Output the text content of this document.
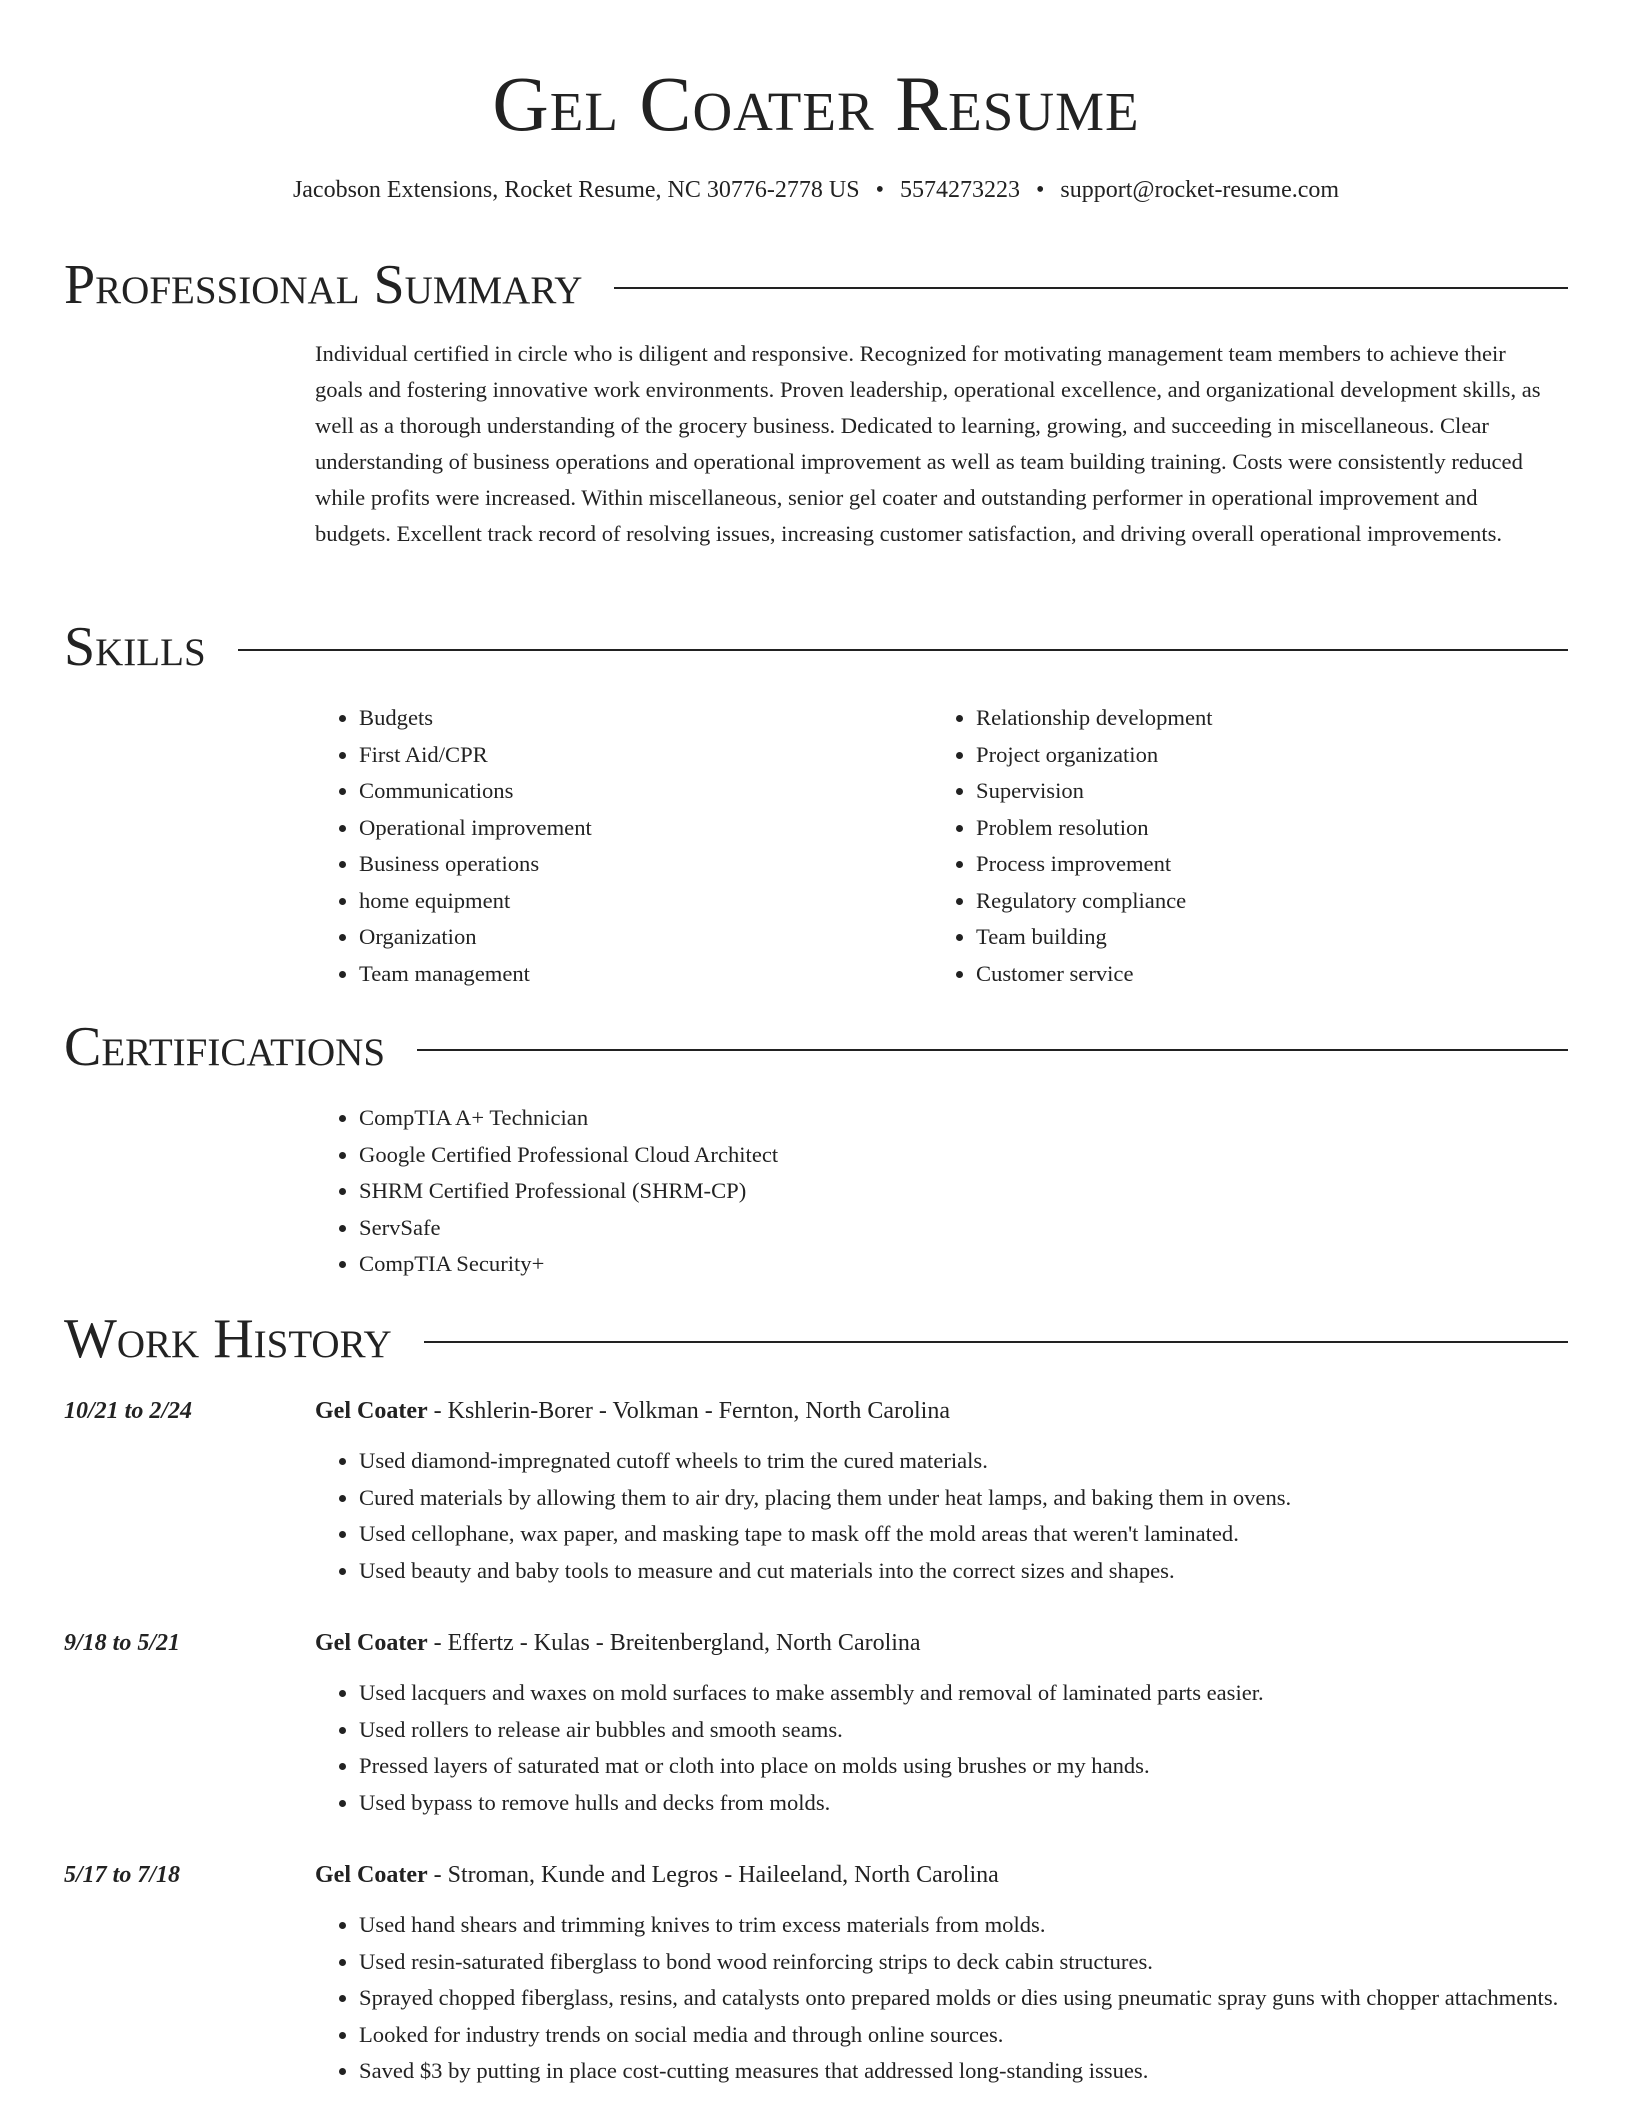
Gel Coater Resume
Jacobson Extensions, Rocket Resume, NC 30776-2778 US • 5574273223 • support@rocket-resume.com
Professional Summary

Individual certified in circle who is diligent and responsive. Recognized for motivating management team members to achieve their goals and fostering innovative work environments. Proven leadership, operational excellence, and organizational development skills, as well as a thorough understanding of the grocery business. Dedicated to learning, growing, and succeeding in miscellaneous. Clear understanding of business operations and operational improvement as well as team building training. Costs were consistently reduced while profits were increased. Within miscellaneous, senior gel coater and outstanding performer in operational improvement and budgets. Excellent track record of resolving issues, increasing customer satisfaction, and driving overall operational improvements.

Skills
• Budgets
• First Aid/CPR
• Communications
• Operational improvement
• Business operations
• home equipment
• Organization
• Team management
• Relationship development
• Project organization
• Supervision
• Problem resolution
• Process improvement
• Regulatory compliance
• Team building
• Customer service
Certifications
• CompTIA A+ Technician
• Google Certified Professional Cloud Architect
• SHRM Certified Professional (SHRM-CP)
• ServSafe
• CompTIA Security+
Work History
10/21 to 2/24	Gel Coater - Kshlerin-Borer - Volkman - Fernton, North Carolina
• Used diamond-impregnated cutoff wheels to trim the cured materials.
• Cured materials by allowing them to air dry, placing them under heat lamps, and baking them in ovens.
• Used cellophane, wax paper, and masking tape to mask off the mold areas that weren't laminated.
• Used beauty and baby tools to measure and cut materials into the correct sizes and shapes.
9/18 to 5/21	Gel Coater - Effertz - Kulas - Breitenbergland, North Carolina
• Used lacquers and waxes on mold surfaces to make assembly and removal of laminated parts easier.
• Used rollers to release air bubbles and smooth seams.
• Pressed layers of saturated mat or cloth into place on molds using brushes or my hands.
• Used bypass to remove hulls and decks from molds.
5/17 to 7/18	Gel Coater - Stroman, Kunde and Legros - Haileeland, North Carolina
• Used hand shears and trimming knives to trim excess materials from molds.
• Used resin-saturated fiberglass to bond wood reinforcing strips to deck cabin structures.
• Sprayed chopped fiberglass, resins, and catalysts onto prepared molds or dies using pneumatic spray guns with chopper attachments.
• Looked for industry trends on social media and through online sources.
• Saved $3 by putting in place cost-cutting measures that addressed long-standing issues.
